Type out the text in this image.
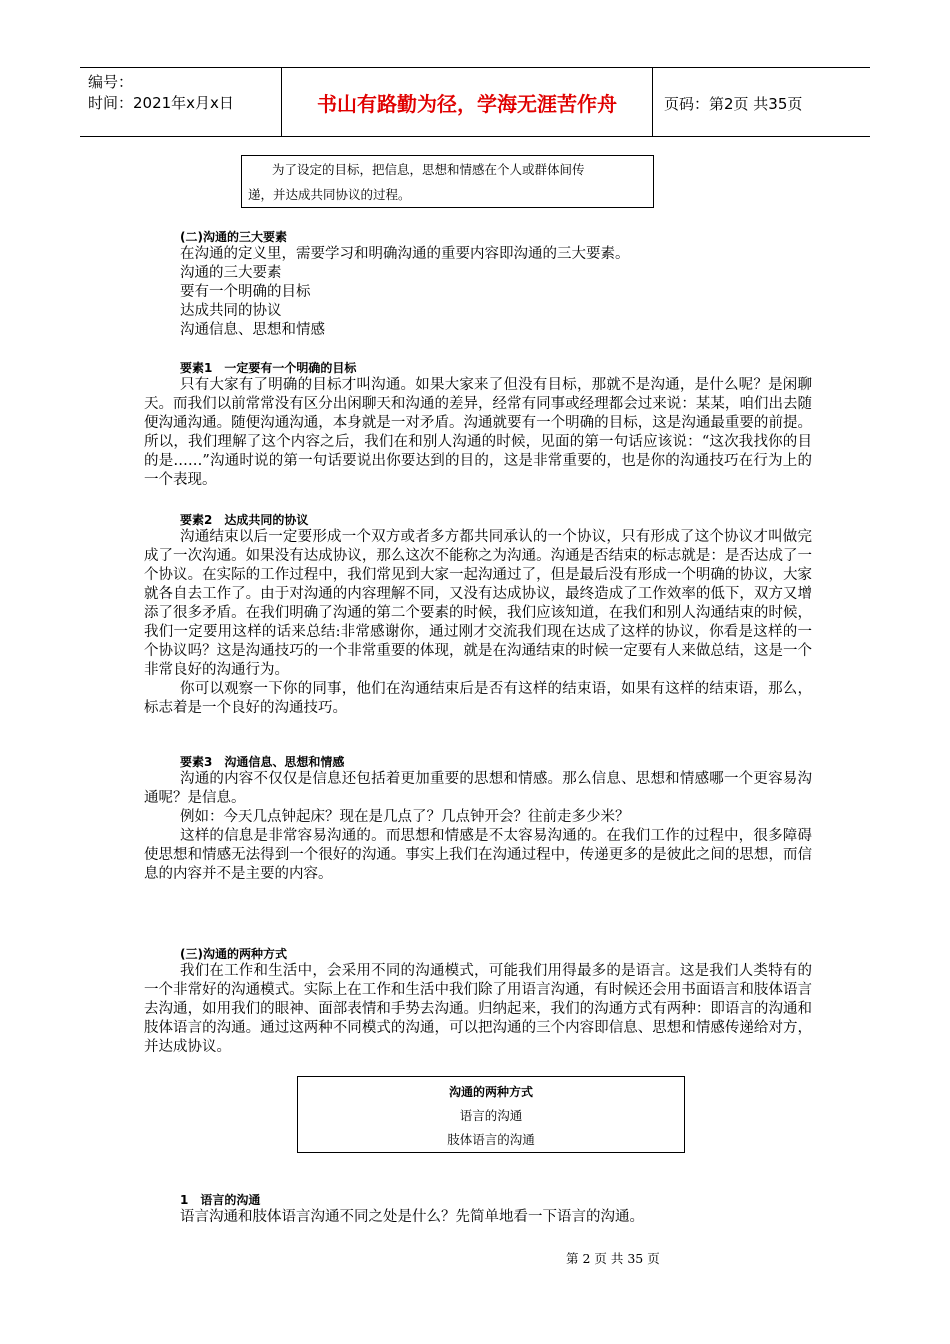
编号：
时间：2021年x月x日	书山有路勤为径，学海无涯苦作舟	页码：第2页 共35页
为了设定的目标，把信息，思想和情感在个人或群体间传
递，并达成共同协议的过程。
(二)沟通的三大要素
在沟通的定义里，需要学习和明确沟通的重要内容即沟通的三大要素。
沟通的三大要素
要有一个明确的目标
达成共同的协议
沟通信息、思想和情感
要素1　一定要有一个明确的目标
只有大家有了明确的目标才叫沟通。如果大家来了但没有目标，那就不是沟通，是什么呢？是闲聊天。而我们以前常常没有区分出闲聊天和沟通的差异，经常有同事或经理都会过来说：某某，咱们出去随便沟通沟通。随便沟通沟通，本身就是一对矛盾。沟通就要有一个明确的目标，这是沟通最重要的前提。所以，我们理解了这个内容之后，我们在和别人沟通的时候，见面的第一句话应该说：“这次我找你的目的是……”沟通时说的第一句话要说出你要达到的目的，这是非常重要的，也是你的沟通技巧在行为上的一个表现。
要素2　达成共同的协议
沟通结束以后一定要形成一个双方或者多方都共同承认的一个协议，只有形成了这个协议才叫做完成了一次沟通。如果没有达成协议，那么这次不能称之为沟通。沟通是否结束的标志就是：是否达成了一个协议。在实际的工作过程中，我们常见到大家一起沟通过了，但是最后没有形成一个明确的协议，大家就各自去工作了。由于对沟通的内容理解不同，又没有达成协议，最终造成了工作效率的低下，双方又增添了很多矛盾。在我们明确了沟通的第二个要素的时候，我们应该知道，在我们和别人沟通结束的时候，我们一定要用这样的话来总结:非常感谢你，通过刚才交流我们现在达成了这样的协议，你看是这样的一个协议吗？这是沟通技巧的一个非常重要的体现，就是在沟通结束的时候一定要有人来做总结，这是一个非常良好的沟通行为。
你可以观察一下你的同事，他们在沟通结束后是否有这样的结束语，如果有这样的结束语，那么，标志着是一个良好的沟通技巧。
要素3　沟通信息、思想和情感
沟通的内容不仅仅是信息还包括着更加重要的思想和情感。那么信息、思想和情感哪一个更容易沟通呢？是信息。
例如：今天几点钟起床？现在是几点了？几点钟开会？往前走多少米？
这样的信息是非常容易沟通的。而思想和情感是不太容易沟通的。在我们工作的过程中，很多障碍使思想和情感无法得到一个很好的沟通。事实上我们在沟通过程中，传递更多的是彼此之间的思想，而信息的内容并不是主要的内容。
(三)沟通的两种方式
我们在工作和生活中，会采用不同的沟通模式，可能我们用得最多的是语言。这是我们人类特有的一个非常好的沟通模式。实际上在工作和生活中我们除了用语言沟通，有时候还会用书面语言和肢体语言去沟通，如用我们的眼神、面部表情和手势去沟通。归纳起来，我们的沟通方式有两种：即语言的沟通和肢体语言的沟通。通过这两种不同模式的沟通，可以把沟通的三个内容即信息、思想和情感传递给对方，并达成协议。
沟通的两种方式
语言的沟通
肢体语言的沟通
1　语言的沟通
语言沟通和肢体语言沟通不同之处是什么？先简单地看一下语言的沟通。
第 2 页 共 35 页
